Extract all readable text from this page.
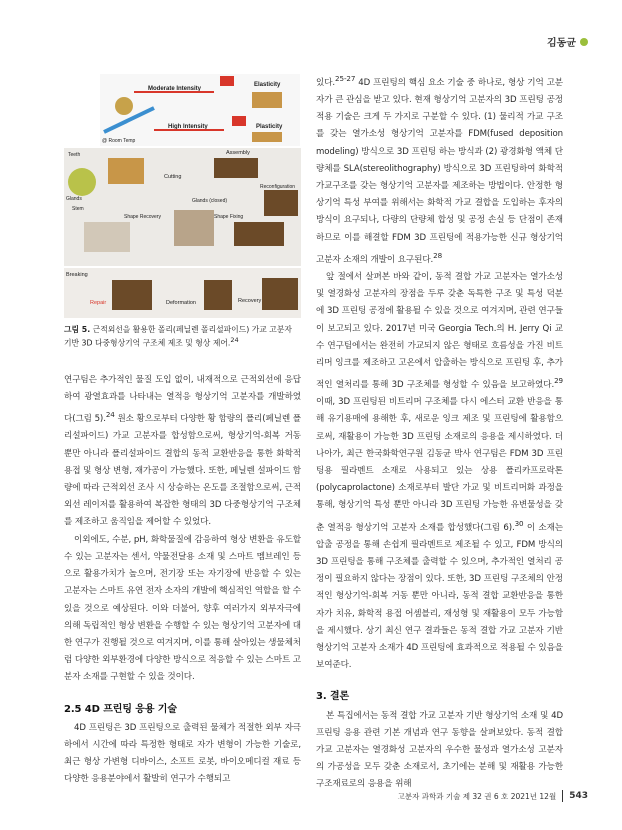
김동균
Moderate Intensity
Elasticity
High Intensity	Plasticity
@ Room Temp
Teeth
Glands
Stem
Cutting
Assembly
Glands (closed)
Reconfiguration
Shape Recovery	Shape Fixing
Breaking
Repair	Deformation	Recovery
그림 5. 근적외선을 활용한 폴리(페닐렌 폴리설파이드) 가교 고분자 기반 3D 다중형상기억 구조체 제조 및 형상 제어.$^{24}$

연구팀은 추가적인 물질 도입 없이, 내재적으로 근적외선에 응답하여 광열효과를 나타내는 열적응 형상기억 고분자를 개발하였다(그림 5).$^{24}$ 원소 황으로부터 다양한 황 함량의 폴리(페닐렌 폴리설파이드) 가교 고분자를 합성함으로써, 형상기억-회복 거동 뿐만 아니라 폴리설파이드 결합의 동적 교환반응을 통한 화학적 용접 및 형상 변형, 재가공이 가능했다. 또한, 페닐렌 설파이드 함량에 따라 근적외선 조사 시 상승하는 온도를 조절함으로써, 근적외선 레이저를 활용하여 복잡한 형태의 3D 다중형상기억 구조체를 제조하고 움직임을 제어할 수 있었다.

이외에도, 수분, pH, 화학물질에 감응하여 형상 변환을 유도할 수 있는 고분자는 센서, 약물전달용 소재 및 스마트 멤브레인 등으로 활용가치가 높으며, 전기장 또는 자기장에 반응할 수 있는 고분자는 스마트 유연 전자 소자의 개발에 핵심적인 역할을 할 수 있을 것으로 예상된다. 이와 더불어, 향후 여러가지 외부자극에 의해 독립적인 형상 변환을 수행할 수 있는 형상기억 고분자에 대한 연구가 진행될 것으로 여겨지며, 이를 통해 살아있는 생물체처럼 다양한 외부환경에 다양한 방식으로 적응할 수 있는 스마트 고분자 소재를 구현할 수 있을 것이다.

2.5 4D 프린팅 응용 기술

4D 프린팅은 3D 프린팅으로 출력된 물체가 적절한 외부 자극하에서 시간에 따라 특정한 형태로 자가 변형이 가능한 기술로, 최근 형상 가변형 디바이스, 소프트 로봇, 바이오메디컬 재료 등 다양한 응용분야에서 활발히 연구가 수행되고

있다.$^{25-27}$ 4D 프린팅의 핵심 요소 기술 중 하나로, 형상 기억 고분자가 큰 관심을 받고 있다. 현재 형상기억 고분자의 3D 프린팅 공정 적용 기술은 크게 두 가지로 구분할 수 있다. (1) 물리적 가교 구조를 갖는 열가소성 형상기억 고분자를 FDM(fused deposition modeling) 방식으로 3D 프린팅 하는 방식과 (2) 광경화형 액체 단량체를 SLA(stereolithography) 방식으로 3D 프린팅하여 화학적 가교구조를 갖는 형상기억 고분자를 제조하는 방법이다. 안정한 형상기억 특성 부여를 위해서는 화학적 가교 결합을 도입하는 후자의 방식이 요구되나, 다량의 단량체 합성 및 공정 손실 등 단점이 존재하므로 이를 해결할 FDM 3D 프린팅에 적용가능한 신규 형상기억 고분자 소재의 개발이 요구된다.$^{28}$

앞 절에서 살펴본 바와 같이, 동적 결합 가교 고분자는 열가소성 및 열경화성 고분자의 장점을 두루 갖춘 독특한 구조 및 특성 덕분에 3D 프린팅 공정에 활용될 수 있을 것으로 여겨지며, 관련 연구들이 보고되고 있다. 2017년 미국 Georgia Tech.의 H. Jerry Qi 교수 연구팀에서는 완전히 가교되지 않은 형태로 흐름성을 가진 비트리머 잉크를 제조하고 고온에서 압출하는 방식으로 프린팅 후, 추가적인 열처리를 통해 3D 구조체를 형성할 수 있음을 보고하였다.$^{29}$ 이때, 3D 프린팅된 비트리머 구조체를 다시 에스터 교환 반응을 통해 유기용매에 용해한 후, 새로운 잉크 제조 및 프린팅에 활용함으로써, 재활용이 가능한 3D 프린팅 소재로의 응용을 제시하였다. 더 나아가, 최근 한국화학연구원 김동균 박사 연구팀은 FDM 3D 프린팅용 필라멘트 소재로 사용되고 있는 상용 폴리카프로락톤(polycaprolactone) 소재로부터 발단 가교 및 비트리머화 과정을 통해, 형상기억 특성 뿐만 아니라 3D 프린팅 가능한 유변물성을 갖춘 열적응 형상기억 고분자 소재를 합성했다(그림 6).$^{30}$ 이 소재는 압출 공정을 통해 손쉽게 필라멘트로 제조될 수 있고, FDM 방식의 3D 프린팅을 통해 구조체를 출력할 수 있으며, 추가적인 열처리 공정이 필요하지 않다는 장점이 있다. 또한, 3D 프린팅 구조체의 안정적인 형상기억-회복 거동 뿐만 아니라, 동적 결합 교환반응을 통한 자가 치유, 화학적 용접 어셈블리, 재성형 및 재활용이 모두 가능함을 제시했다. 상기 최신 연구 결과들은 동적 결합 가교 고분자 기반 형상기억 고분자 소재가 4D 프린팅에 효과적으로 적용될 수 있음을 보여준다.

3. 결론

본 특집에서는 동적 결합 가교 고분자 기반 형상기억 소재 및 4D 프린팅 응용 관련 기본 개념과 연구 동향을 살펴보았다. 동적 결합 가교 고분자는 열경화성 고분자의 우수한 물성과 열가소성 고분자의 가공성을 모두 갖춘 소재로서, 초기에는 분해 및 재활용 가능한 구조재료로의 응용을 위해

고분자 과학과 기술 제 32 권 6 호 2021년 12월 543
